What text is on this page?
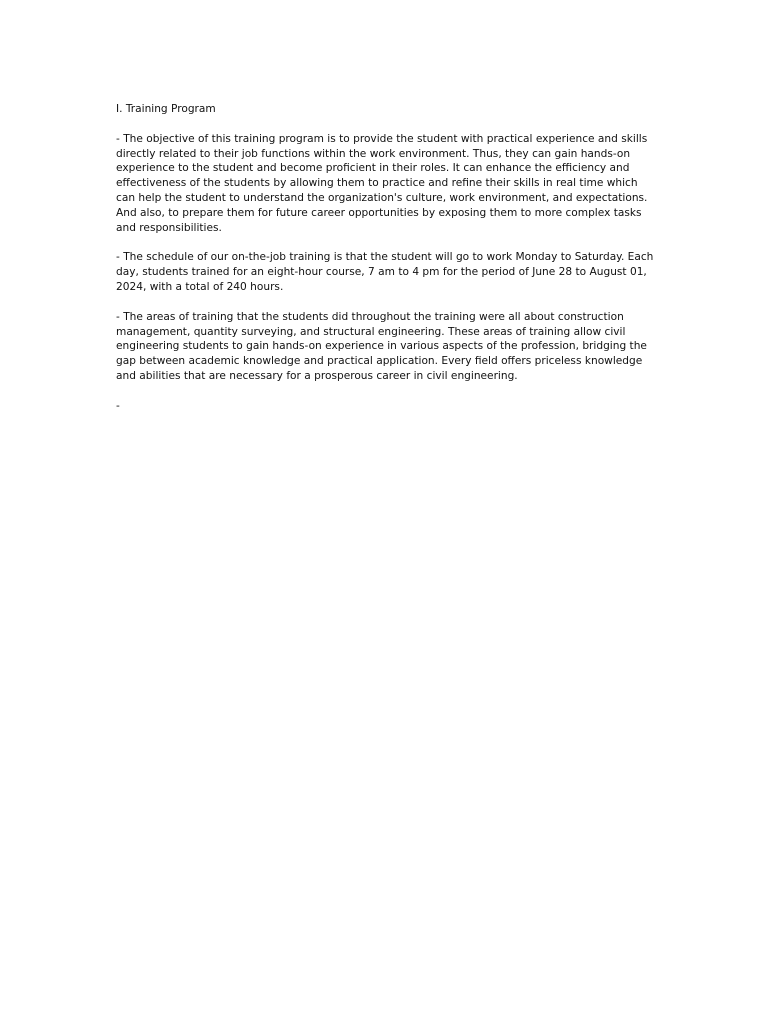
I. Training Program

- The objective of this training program is to provide the student with practical experience and skills directly related to their job functions within the work environment. Thus, they can gain hands-on experience to the student and become proficient in their roles. It can enhance the efficiency and effectiveness of the students by allowing them to practice and refine their skills in real time which can help the student to understand the organization's culture, work environment, and expectations. And also, to prepare them for future career opportunities by exposing them to more complex tasks and responsibilities.

- The schedule of our on-the-job training is that the student will go to work Monday to Saturday. Each day, students trained for an eight-hour course, 7 am to 4 pm for the period of June 28 to August 01, 2024, with a total of 240 hours.

- The areas of training that the students did throughout the training were all about construction management, quantity surveying, and structural engineering. These areas of training allow civil engineering students to gain hands-on experience in various aspects of the profession, bridging the gap between academic knowledge and practical application. Every field offers priceless knowledge and abilities that are necessary for a prosperous career in civil engineering.

-
